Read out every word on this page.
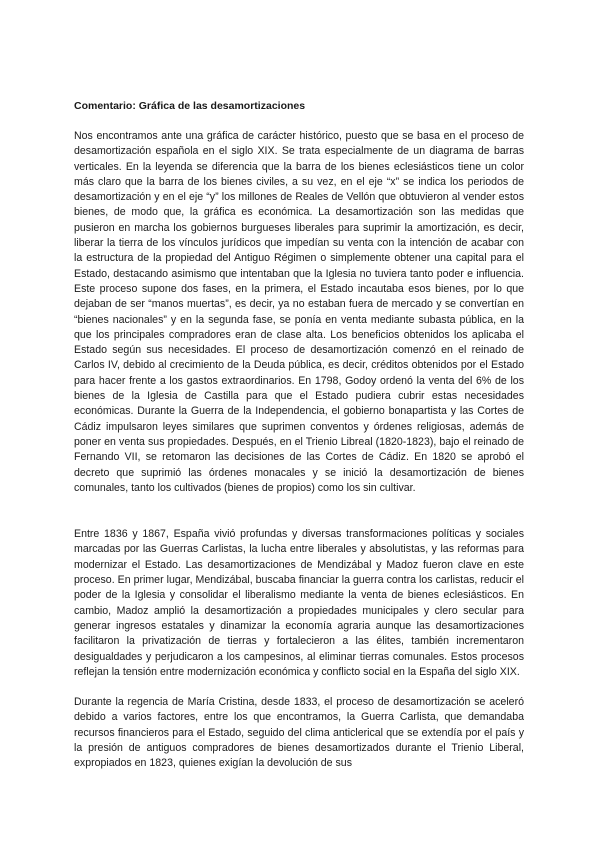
Comentario: Gráfica de las desamortizaciones

Nos encontramos ante una gráfica de carácter histórico, puesto que se basa en el proceso de desamortización española en el siglo XIX. Se trata especialmente de un diagrama de barras verticales. En la leyenda se diferencia que la barra de los bienes eclesiásticos tiene un color más claro que la barra de los bienes civiles, a su vez, en el eje “x” se indica los periodos de desamortización y en el eje “y” los millones de Reales de Vellón que obtuvieron al vender estos bienes, de modo que, la gráfica es económica. La desamortización son las medidas que pusieron en marcha los gobiernos burgueses liberales para suprimir la amortización, es decir, liberar la tierra de los vínculos jurídicos que impedían su venta con la intención de acabar con la estructura de la propiedad del Antiguo Régimen o simplemente obtener una capital para el Estado, destacando asimismo que intentaban que la Iglesia no tuviera tanto poder e influencia. Este proceso supone dos fases, en la primera, el Estado incautaba esos bienes, por lo que dejaban de ser “manos muertas”, es decir, ya no estaban fuera de mercado y se convertían en “bienes nacionales” y en la segunda fase, se ponía en venta mediante subasta pública, en la que los principales compradores eran de clase alta. Los beneficios obtenidos los aplicaba el Estado según sus necesidades. El proceso de desamortización comenzó en el reinado de Carlos IV, debido al crecimiento de la Deuda pública, es decir, créditos obtenidos por el Estado para hacer frente a los gastos extraordinarios. En 1798, Godoy ordenó la venta del 6% de los bienes de la Iglesia de Castilla para que el Estado pudiera cubrir estas necesidades económicas. Durante la Guerra de la Independencia, el gobierno bonapartista y las Cortes de Cádiz impulsaron leyes similares que suprimen conventos y órdenes religiosas, además de poner en venta sus propiedades. Después, en el Trienio Libreal (1820-1823), bajo el reinado de Fernando VII, se retomaron las decisiones de las Cortes de Cádiz. En 1820 se aprobó el decreto que suprimió las órdenes monacales y se inició la desamortización de bienes comunales, tanto los cultivados (bienes de propios) como los sin cultivar.

Entre 1836 y 1867, España vivió profundas y diversas transformaciones políticas y sociales marcadas por las Guerras Carlistas, la lucha entre liberales y absolutistas, y las reformas para modernizar el Estado. Las desamortizaciones de Mendizábal y Madoz fueron clave en este proceso. En primer lugar, Mendizábal, buscaba financiar la guerra contra los carlistas, reducir el poder de la Iglesia y consolidar el liberalismo mediante la venta de bienes eclesiásticos. En cambio, Madoz amplió la desamortización a propiedades municipales y clero secular para generar ingresos estatales y dinamizar la economía agraria aunque las desamortizaciones facilitaron la privatización de tierras y fortalecieron a las élites, también incrementaron desigualdades y perjudicaron a los campesinos, al eliminar tierras comunales. Estos procesos reflejan la tensión entre modernización económica y conflicto social en la España del siglo XIX.

Durante la regencia de María Cristina, desde 1833, el proceso de desamortización se aceleró debido a varios factores, entre los que encontramos, la Guerra Carlista, que demandaba recursos financieros para el Estado, seguido del clima anticlerical que se extendía por el país y la presión de antiguos compradores de bienes desamortizados durante el Trienio Liberal, expropiados en 1823, quienes exigían la devolución de sus
